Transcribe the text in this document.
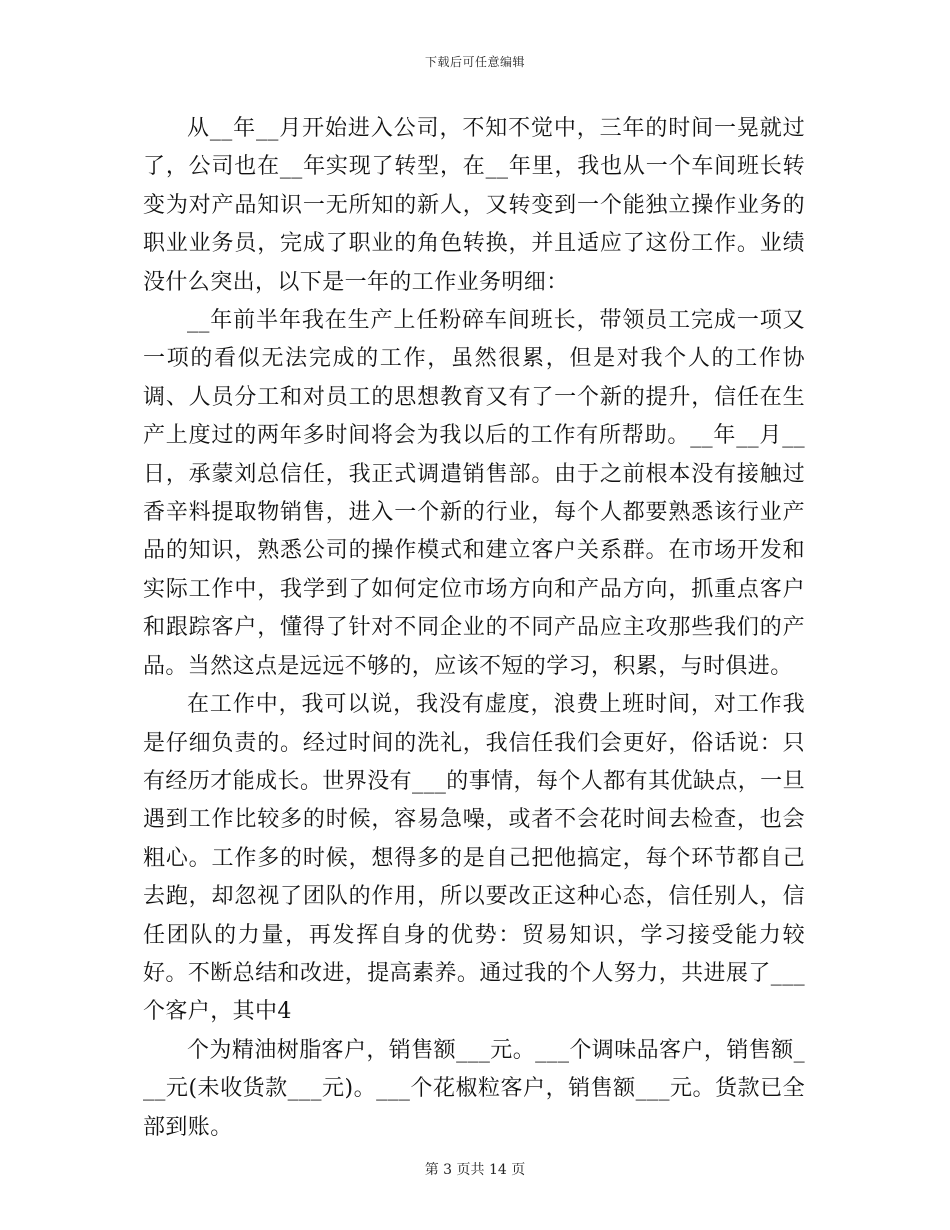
下载后可任意编辑

从__年__月开始进入公司，不知不觉中，三年的时间一晃就过了，公司也在__年实现了转型，在__年里，我也从一个车间班长转变为对产品知识一无所知的新人，又转变到一个能独立操作业务的职业业务员，完成了职业的角色转换，并且适应了这份工作。业绩没什么突出，以下是一年的工作业务明细：

__年前半年我在生产上任粉碎车间班长，带领员工完成一项又一项的看似无法完成的工作，虽然很累，但是对我个人的工作协调、人员分工和对员工的思想教育又有了一个新的提升，信任在生产上度过的两年多时间将会为我以后的工作有所帮助。__年__月__日，承蒙刘总信任，我正式调遣销售部。由于之前根本没有接触过香辛料提取物销售，进入一个新的行业，每个人都要熟悉该行业产品的知识，熟悉公司的操作模式和建立客户关系群。在市场开发和实际工作中，我学到了如何定位市场方向和产品方向，抓重点客户和跟踪客户，懂得了针对不同企业的不同产品应主攻那些我们的产品。当然这点是远远不够的，应该不短的学习，积累，与时俱进。

在工作中，我可以说，我没有虚度，浪费上班时间，对工作我是仔细负责的。经过时间的洗礼，我信任我们会更好，俗话说：只有经历才能成长。世界没有___的事情，每个人都有其优缺点，一旦遇到工作比较多的时候，容易急噪，或者不会花时间去检查，也会粗心。工作多的时候，想得多的是自己把他搞定，每个环节都自己去跑，却忽视了团队的作用，所以要改正这种心态，信任别人，信任团队的力量，再发挥自身的优势：贸易知识，学习接受能力较好。不断总结和改进，提高素养。通过我的个人努力，共进展了___个客户，其中4

个为精油树脂客户，销售额___元。___个调味品客户，销售额___元(未收货款___元)。___个花椒粒客户，销售额___元。货款已全部到账。

第 3 页共 14 页
